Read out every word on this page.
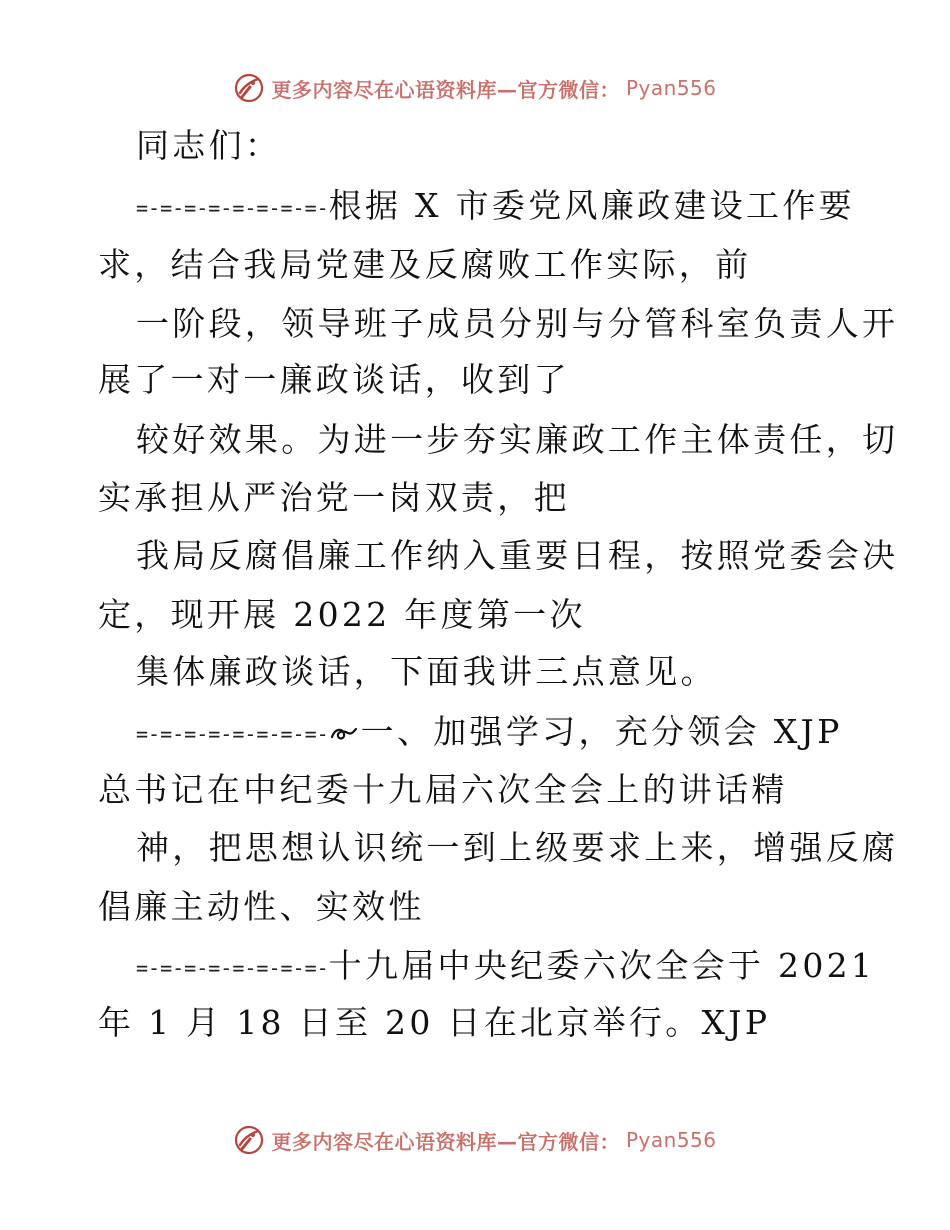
更多内容尽在心语资料库—官方微信： Pyan556
同志们：
=-=-=-=-=-=-=-=-根据 X 市委党风廉政建设工作要
求，结合我局党建及反腐败工作实际，前
一阶段，领导班子成员分别与分管科室负责人开
展了一对一廉政谈话，收到了
较好效果。为进一步夯实廉政工作主体责任，切
实承担从严治党一岗双责，把
我局反腐倡廉工作纳入重要日程，按照党委会决
定，现开展 2022 年度第一次
集体廉政谈话，下面我讲三点意见。
=-=-=-=-=-=-=-=- 一、加强学习，充分领会 XJP
总书记在中纪委十九届六次全会上的讲话精
神，把思想认识统一到上级要求上来，增强反腐
倡廉主动性、实效性
=-=-=-=-=-=-=-=-十九届中央纪委六次全会于 2021
年 1 月 18 日至 20 日在北京举行。XJP
更多内容尽在心语资料库—官方微信： Pyan556
